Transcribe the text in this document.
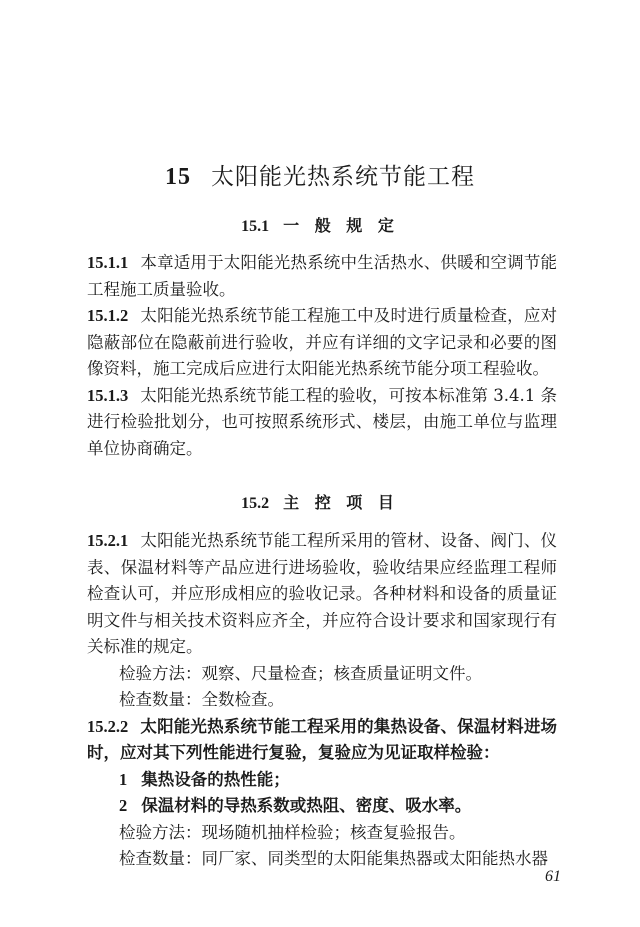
15 太阳能光热系统节能工程
15.1 一 般 规 定

15.1.1 本章适用于太阳能光热系统中生活热水、供暖和空调节能工程施工质量验收。

15.1.2 太阳能光热系统节能工程施工中及时进行质量检查，应对隐蔽部位在隐蔽前进行验收，并应有详细的文字记录和必要的图像资料，施工完成后应进行太阳能光热系统节能分项工程验收。

15.1.3 太阳能光热系统节能工程的验收，可按本标准第 3.4.1 条进行检验批划分，也可按照系统形式、楼层，由施工单位与监理单位协商确定。

15.2 主 控 项 目

15.2.1 太阳能光热系统节能工程所采用的管材、设备、阀门、仪表、保温材料等产品应进行进场验收，验收结果应经监理工程师检查认可，并应形成相应的验收记录。各种材料和设备的质量证明文件与相关技术资料应齐全，并应符合设计要求和国家现行有关标准的规定。

检验方法：观察、尺量检查；核查质量证明文件。

检查数量：全数检查。

15.2.2 太阳能光热系统节能工程采用的集热设备、保温材料进场时，应对其下列性能进行复验，复验应为见证取样检验：

1 集热设备的热性能；

2 保温材料的导热系数或热阻、密度、吸水率。

检验方法：现场随机抽样检验；核查复验报告。

检查数量：同厂家、同类型的太阳能集热器或太阳能热水器

61
